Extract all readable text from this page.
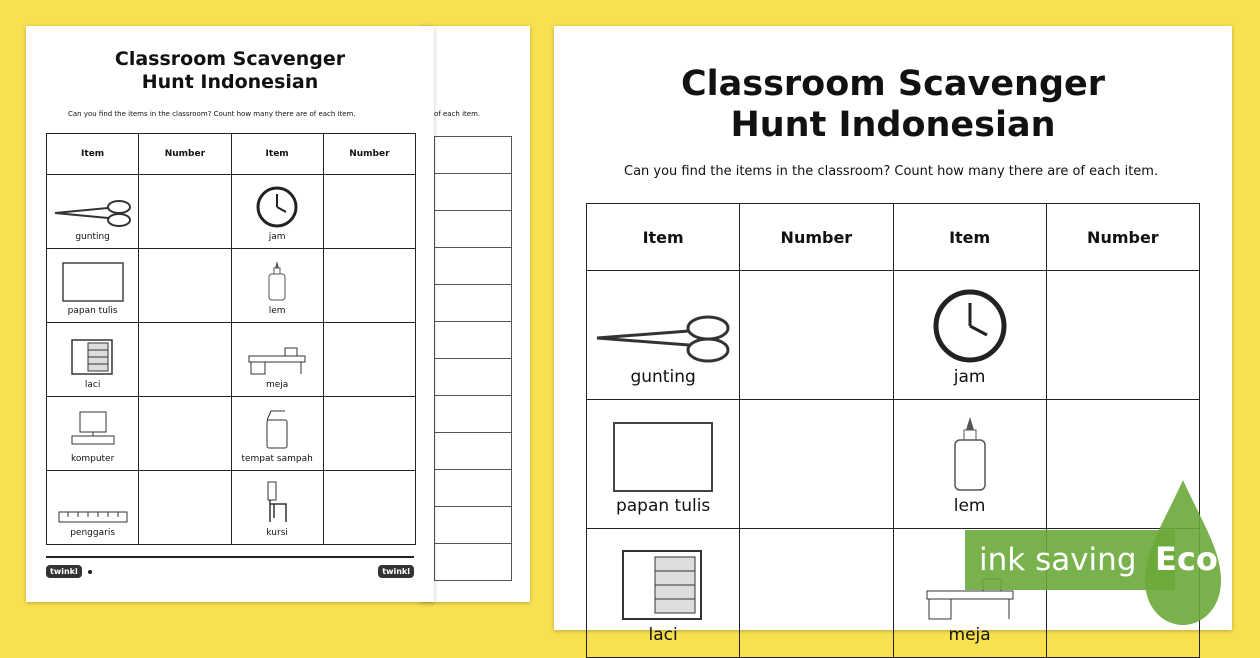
of each item.
Classroom Scavenger
Hunt Indonesian
Can you find the items in the classroom? Count how many there are of each item.
Item	Number	Item	Number

gunting		jam	

papan tulis		lem	

laci		meja	

komputer		tempat sampah	

penggaris		kursi	

twinkl	twinkl
Classroom Scavenger
Hunt Indonesian
Can you find the items in the classroom? Count how many there are of each item.
Item	Number	Item	Number

gunting		jam	

papan tulis		lem	

laci		meja	

ink saving Eco
